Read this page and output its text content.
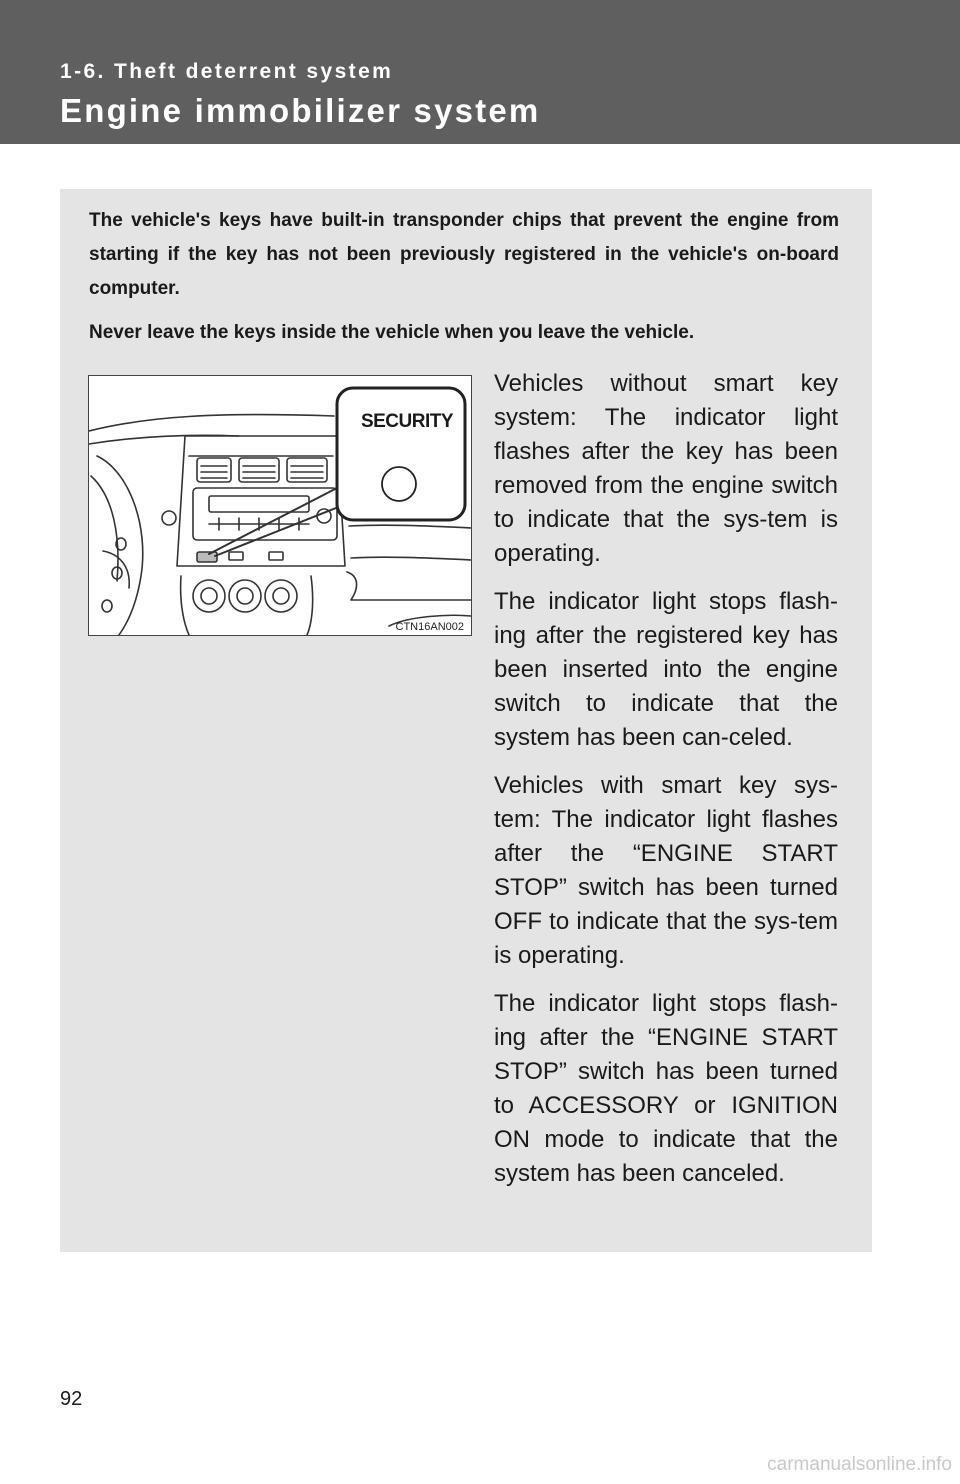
1-6. Theft deterrent system
Engine immobilizer system
The vehicle's keys have built-in transponder chips that prevent the engine from starting if the key has not been previously registered in the vehicle's on-board computer.
Never leave the keys inside the vehicle when you leave the vehicle.
SECURITY
CTN16AN002

Vehicles without smart key system: The indicator light flashes after the key has been removed from the engine switch to indicate that the sys-tem is operating.

The indicator light stops flash-ing after the registered key has been inserted into the engine switch to indicate that the system has been can-celed.

Vehicles with smart key sys-tem: The indicator light flashes after the “ENGINE START STOP” switch has been turned OFF to indicate that the sys-tem is operating.

The indicator light stops flash-ing after the “ENGINE START STOP” switch has been turned to ACCESSORY or IGNITION ON mode to indicate that the system has been canceled.

92
carmanualsonline.info
